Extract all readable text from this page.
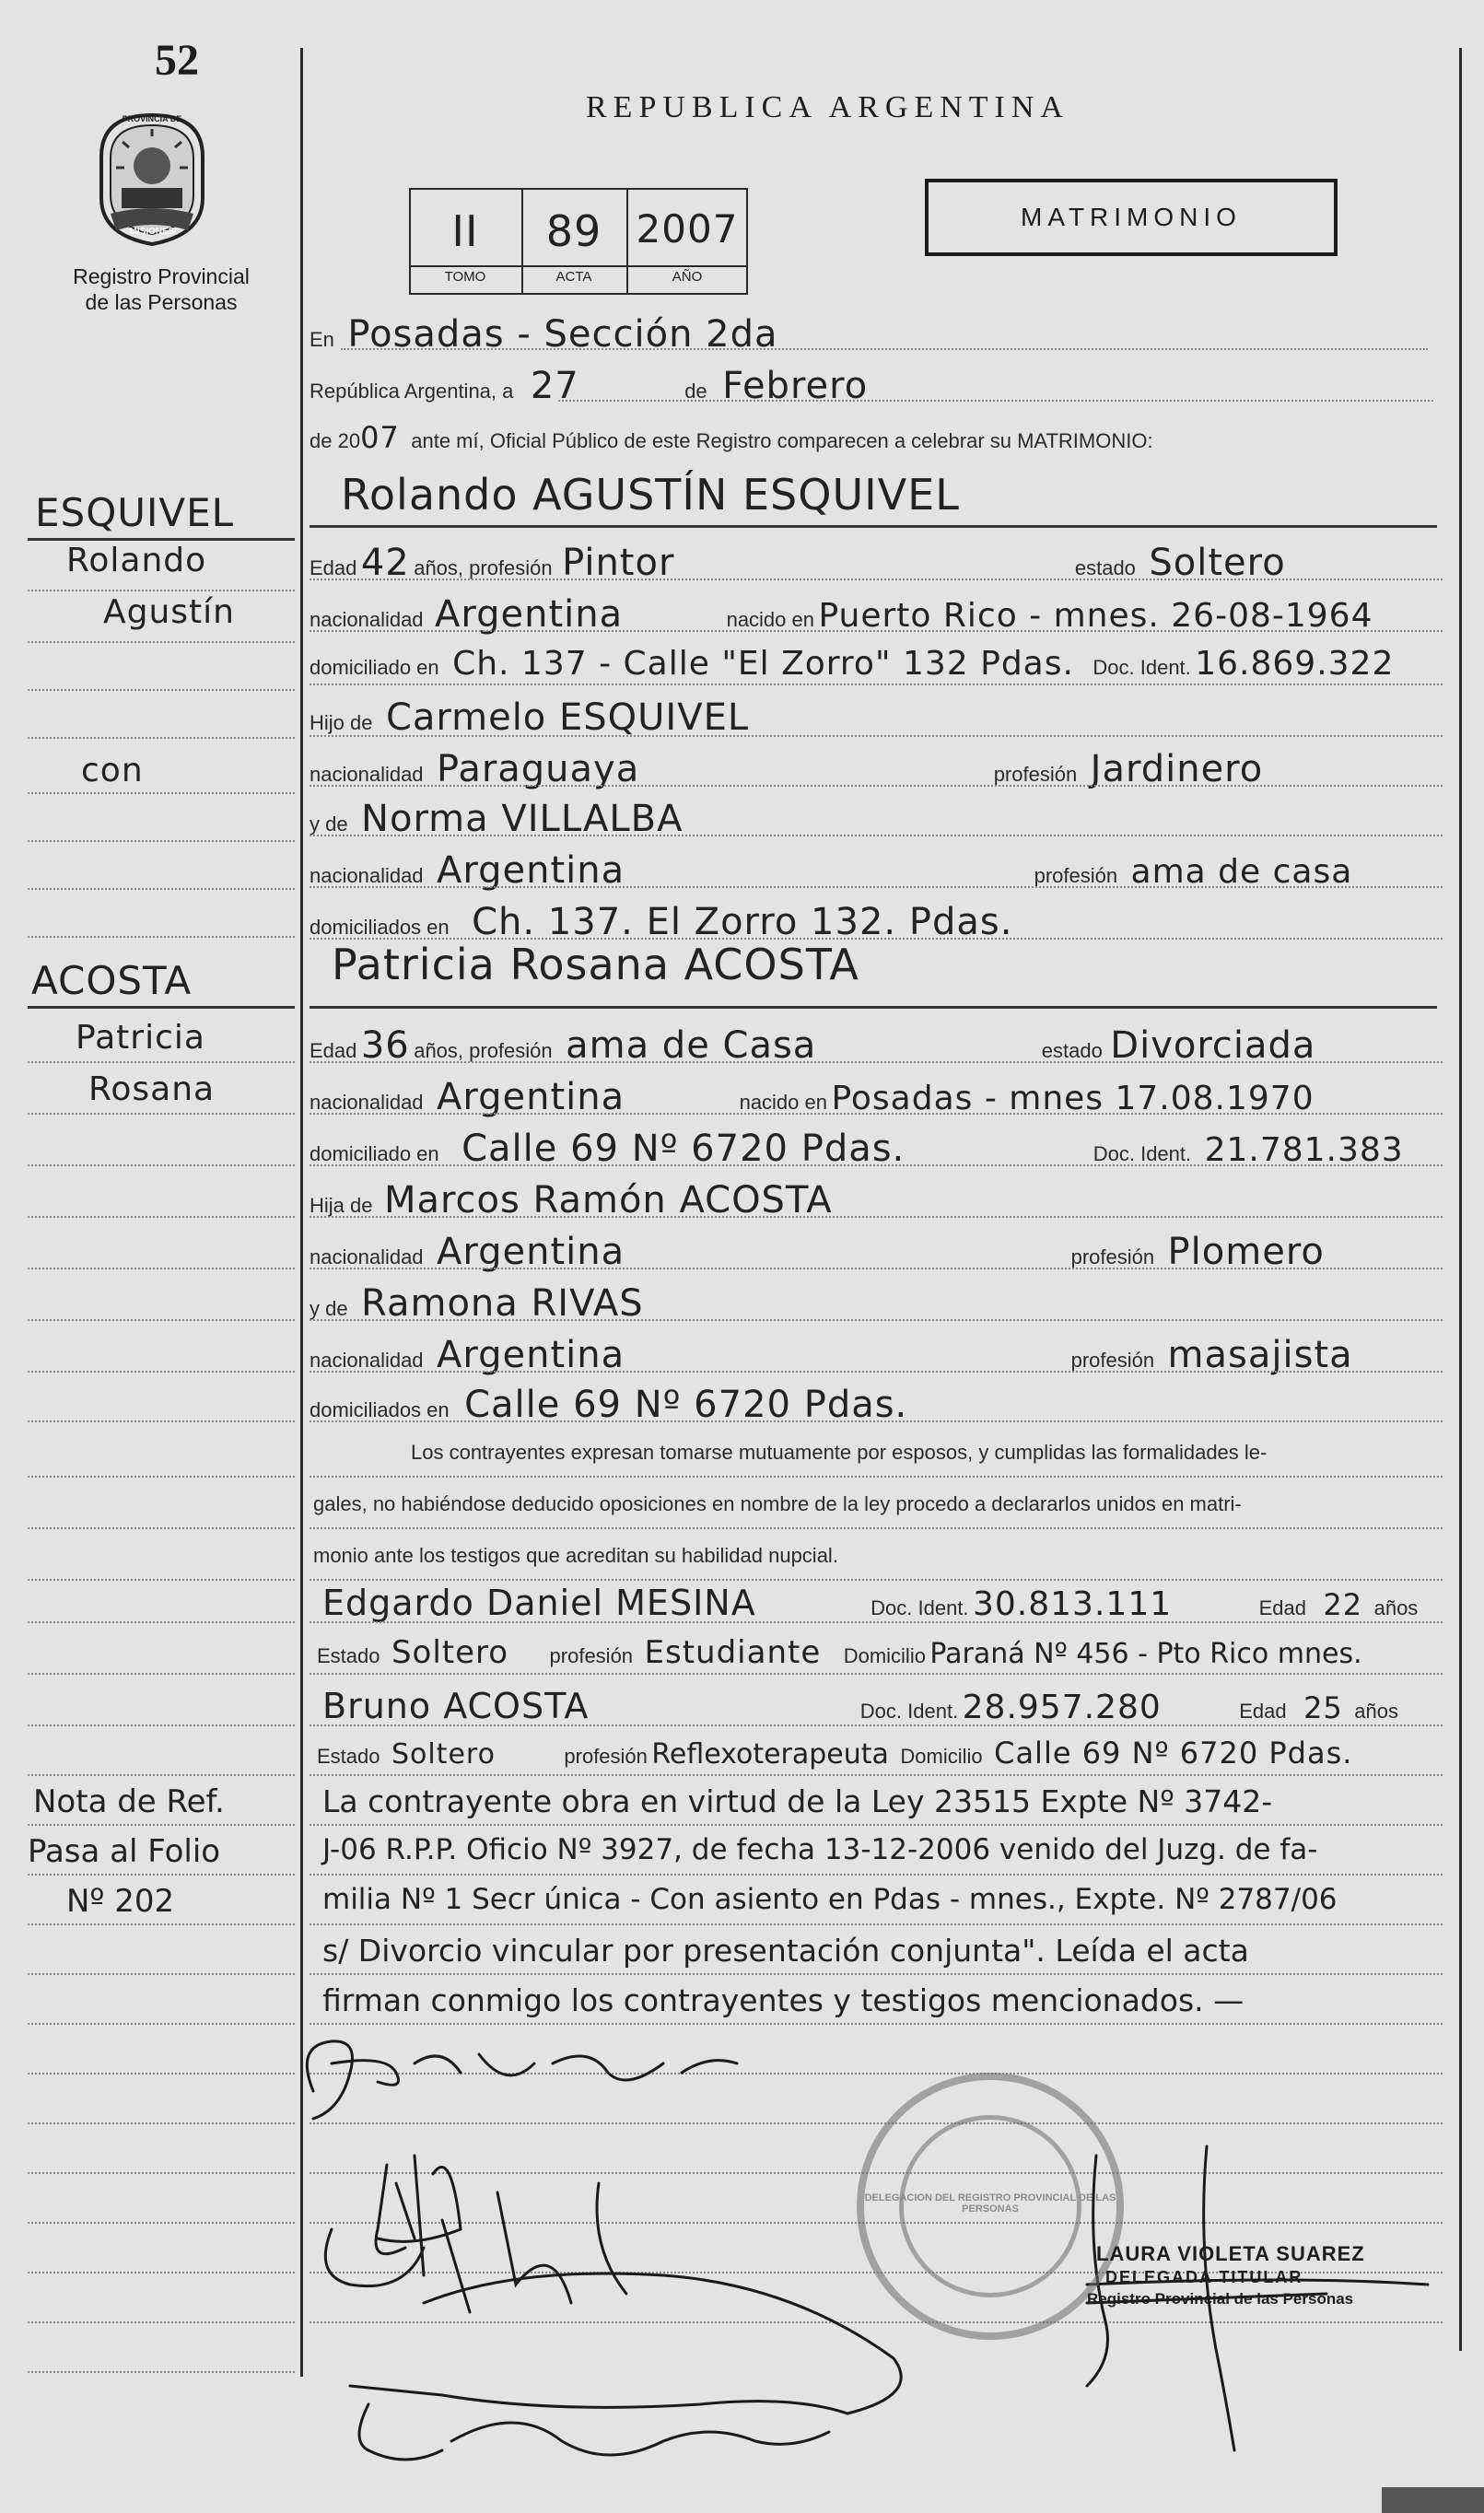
52
PROVINCIA DE
MISIONES
Registro Provincial
de las Personas
REPUBLICA ARGENTINA
II	89 2007
TOMO	ACTA	AÑO
MATRIMONIO
En Posadas - Sección 2da
República Argentina, a 27	de Febrero
de 2007 ante mí, Oficial Público de este Registro comparecen a celebrar su MATRIMONIO:
Rolando AGUSTÍN ESQUIVEL
Edad 42 años, profesión Pintor	estado Soltero
nacionalidad Argentina	nacido en Puerto Rico - mnes. 26-08-1964
domiciliado en Ch. 137 - Calle "El Zorro" 132 Pdas. Doc. Ident. 16.869.322
Hijo de Carmelo ESQUIVEL
nacionalidad Paraguaya	profesión Jardinero
y de Norma VILLALBA
nacionalidad Argentina	profesión ama de casa
domiciliados en Ch. 137. El Zorro 132. Pdas.
Patricia Rosana ACOSTA
Edad 36 años, profesión ama de Casa	estado Divorciada
nacionalidad Argentina	nacido en Posadas - mnes 17.08.1970
domiciliado en Calle 69 Nº 6720 Pdas.	Doc. Ident. 21.781.383
Hija de Marcos Ramón ACOSTA
nacionalidad Argentina	profesión Plomero
y de Ramona RIVAS
nacionalidad Argentina	profesión masajista
domiciliados en Calle 69 Nº 6720 Pdas.
Los contrayentes expresan tomarse mutuamente por esposos, y cumplidas las formalidades le-
gales, no habiéndose deducido oposiciones en nombre de la ley procedo a declararlos unidos en matri-
monio ante los testigos que acreditan su habilidad nupcial.
Edgardo Daniel MESINA	Doc. Ident. 30.813.111	Edad 22 años
Estado Soltero profesión Estudiante Domicilio Paraná Nº 456 - Pto Rico mnes.
Bruno ACOSTA	Doc. Ident. 28.957.280	Edad 25 años
Estado Soltero	profesión Reflexoterapeuta Domicilio Calle 69 Nº 6720 Pdas.
La contrayente obra en virtud de la Ley 23515 Expte Nº 3742-
J-06 R.P.P. Oficio Nº 3927, de fecha 13-12-2006 venido del Juzg. de fa-
milia Nº 1 Secr única - Con asiento en Pdas - mnes., Expte. Nº 2787/06
s/ Divorcio vincular por presentación conjunta". Leída el acta
firman conmigo los contrayentes y testigos mencionados. —
ESQUIVEL
Rolando
Agustín
con
ACOSTA
Patricia
Rosana
Nota de Ref.
Pasa al Folio
Nº 202
DELEGACION DEL REGISTRO PROVINCIAL DE LAS PERSONAS
LAURA VIOLETA SUAREZ
DELEGADA TITULAR
Registro Provincial de las Personas
